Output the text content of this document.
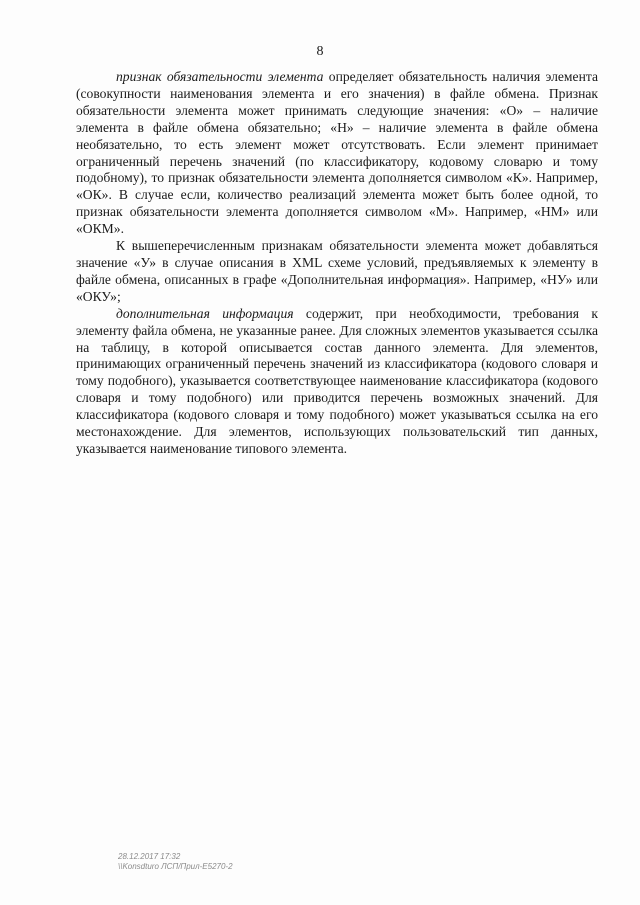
8

признак обязательности элемента определяет обязательность наличия элемента (совокупности наименования элемента и его значения) в файле обмена. Признак обязательности элемента может принимать следующие значения: «О» – наличие элемента в файле обмена обязательно; «Н» – наличие элемента в файле обмена необязательно, то есть элемент может отсутствовать. Если элемент принимает ограниченный перечень значений (по классификатору, кодовому словарю и тому подобному), то признак обязательности элемента дополняется символом «К». Например, «ОК». В случае если, количество реализаций элемента может быть более одной, то признак обязательности элемента дополняется символом «М». Например, «НМ» или «ОКМ».

К вышеперечисленным признакам обязательности элемента может добавляться значение «У» в случае описания в XML схеме условий, предъявляемых к элементу в файле обмена, описанных в графе «Дополнительная информация». Например, «НУ» или «ОКУ»;

дополнительная информация содержит, при необходимости, требования к элементу файла обмена, не указанные ранее. Для сложных элементов указывается ссылка на таблицу, в которой описывается состав данного элемента. Для элементов, принимающих ограниченный перечень значений из классификатора (кодового словаря и тому подобного), указывается соответствующее наименование классификатора (кодового словаря и тому подобного) или приводится перечень возможных значений. Для классификатора (кодового словаря и тому подобного) может указываться ссылка на его местонахождение. Для элементов, использующих пользовательский тип данных, указывается наименование типового элемента.

28.12.2017 17:32
\\Konsdturo ЛСП/Прил-Е5270-2
